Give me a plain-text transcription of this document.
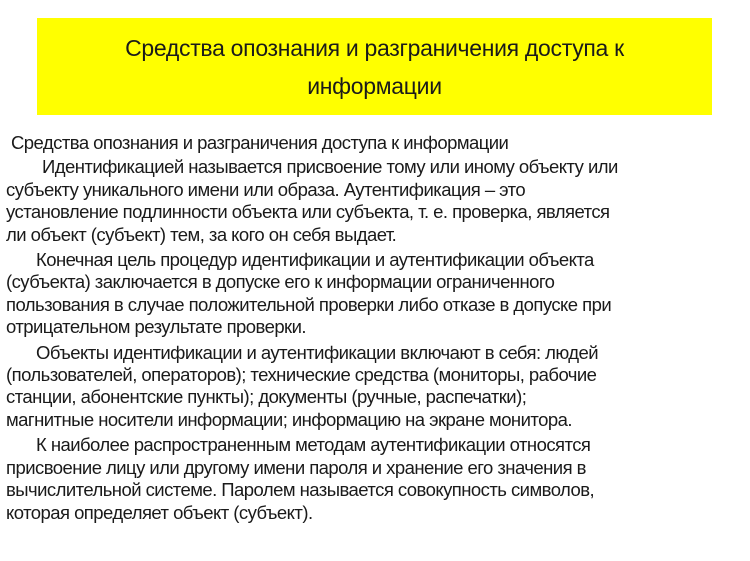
Средства опознания и разграничения доступа к
информации
Средства опознания и разграничения доступа к информации
Идентификацией называется присвоение тому или иному объекту или
субъекту уникального имени или образа. Аутентификация – это
установление подлинности объекта или субъекта, т. е. проверка, является
ли объект (субъект) тем, за кого он себя выдает.
Конечная цель процедур идентификации и аутентификации объекта
(субъекта) заключается в допуске его к информации ограниченного
пользования в случае положительной проверки либо отказе в допуске при
отрицательном результате проверки.
Объекты идентификации и аутентификации включают в себя: людей
(пользователей, операторов); технические средства (мониторы, рабочие
станции, абонентские пункты); документы (ручные, распечатки);
магнитные носители информации; информацию на экране монитора.
К наиболее распространенным методам аутентификации относятся
присвоение лицу или другому имени пароля и хранение его значения в
вычислительной системе. Паролем называется совокупность символов,
которая определяет объект (субъект).
